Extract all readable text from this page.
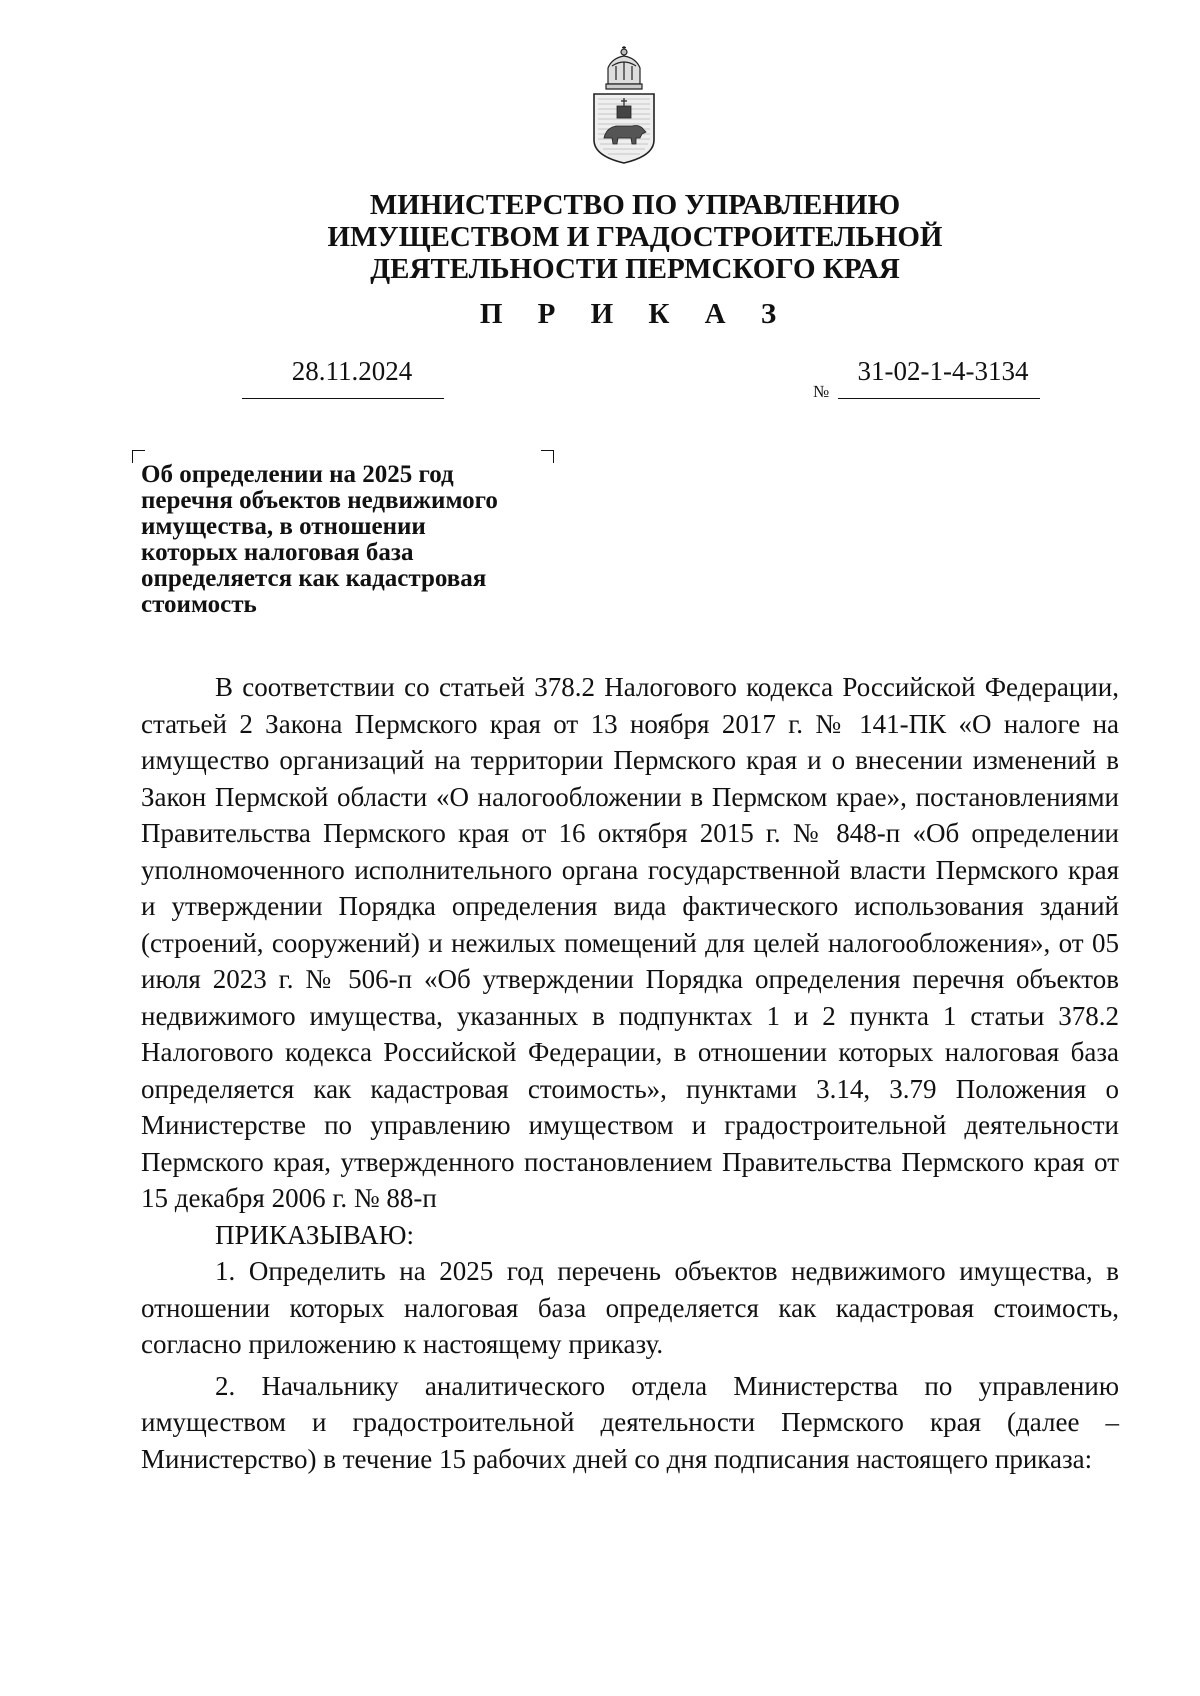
МИНИСТЕРСТВО ПО УПРАВЛЕНИЮ
ИМУЩЕСТВОМ И ГРАДОСТРОИТЕЛЬНОЙ
ДЕЯТЕЛЬНОСТИ ПЕРМСКОГО КРАЯ
П Р И К А З
28.11.2024
№
31-02-1-4-3134
Об определении на 2025 год
перечня объектов недвижимого
имущества, в отношении
которых налоговая база
определяется как кадастровая
стоимость

В соответствии со статьей 378.2 Налогового кодекса Российской Федерации, статьей 2 Закона Пермского края от 13 ноября 2017 г. № 141-ПК «О налоге на имущество организаций на территории Пермского края и о внесении изменений в Закон Пермской области «О налогообложении в Пермском крае», постановлениями Правительства Пермского края от 16 октября 2015 г. № 848-п «Об определении уполномоченного исполнительного органа государственной власти Пермского края и утверждении Порядка определения вида фактического использования зданий (строений, сооружений) и нежилых помещений для целей налогообложения», от 05 июля 2023 г. № 506-п «Об утверждении Порядка определения перечня объектов недвижимого имущества, указанных в подпунктах 1 и 2 пункта 1 статьи 378.2 Налогового кодекса Российской Федерации, в отношении которых налоговая база определяется как кадастровая стоимость», пунктами 3.14, 3.79 Положения о Министерстве по управлению имуществом и градостроительной деятельности Пермского края, утвержденного постановлением Правительства Пермского края от 15 декабря 2006 г. № 88-п

ПРИКАЗЫВАЮ:

1. Определить на 2025 год перечень объектов недвижимого имущества, в отношении которых налоговая база определяется как кадастровая стоимость, согласно приложению к настоящему приказу.

2. Начальнику аналитического отдела Министерства по управлению имуществом и градостроительной деятельности Пермского края (далее – Министерство) в течение 15 рабочих дней со дня подписания настоящего приказа:
